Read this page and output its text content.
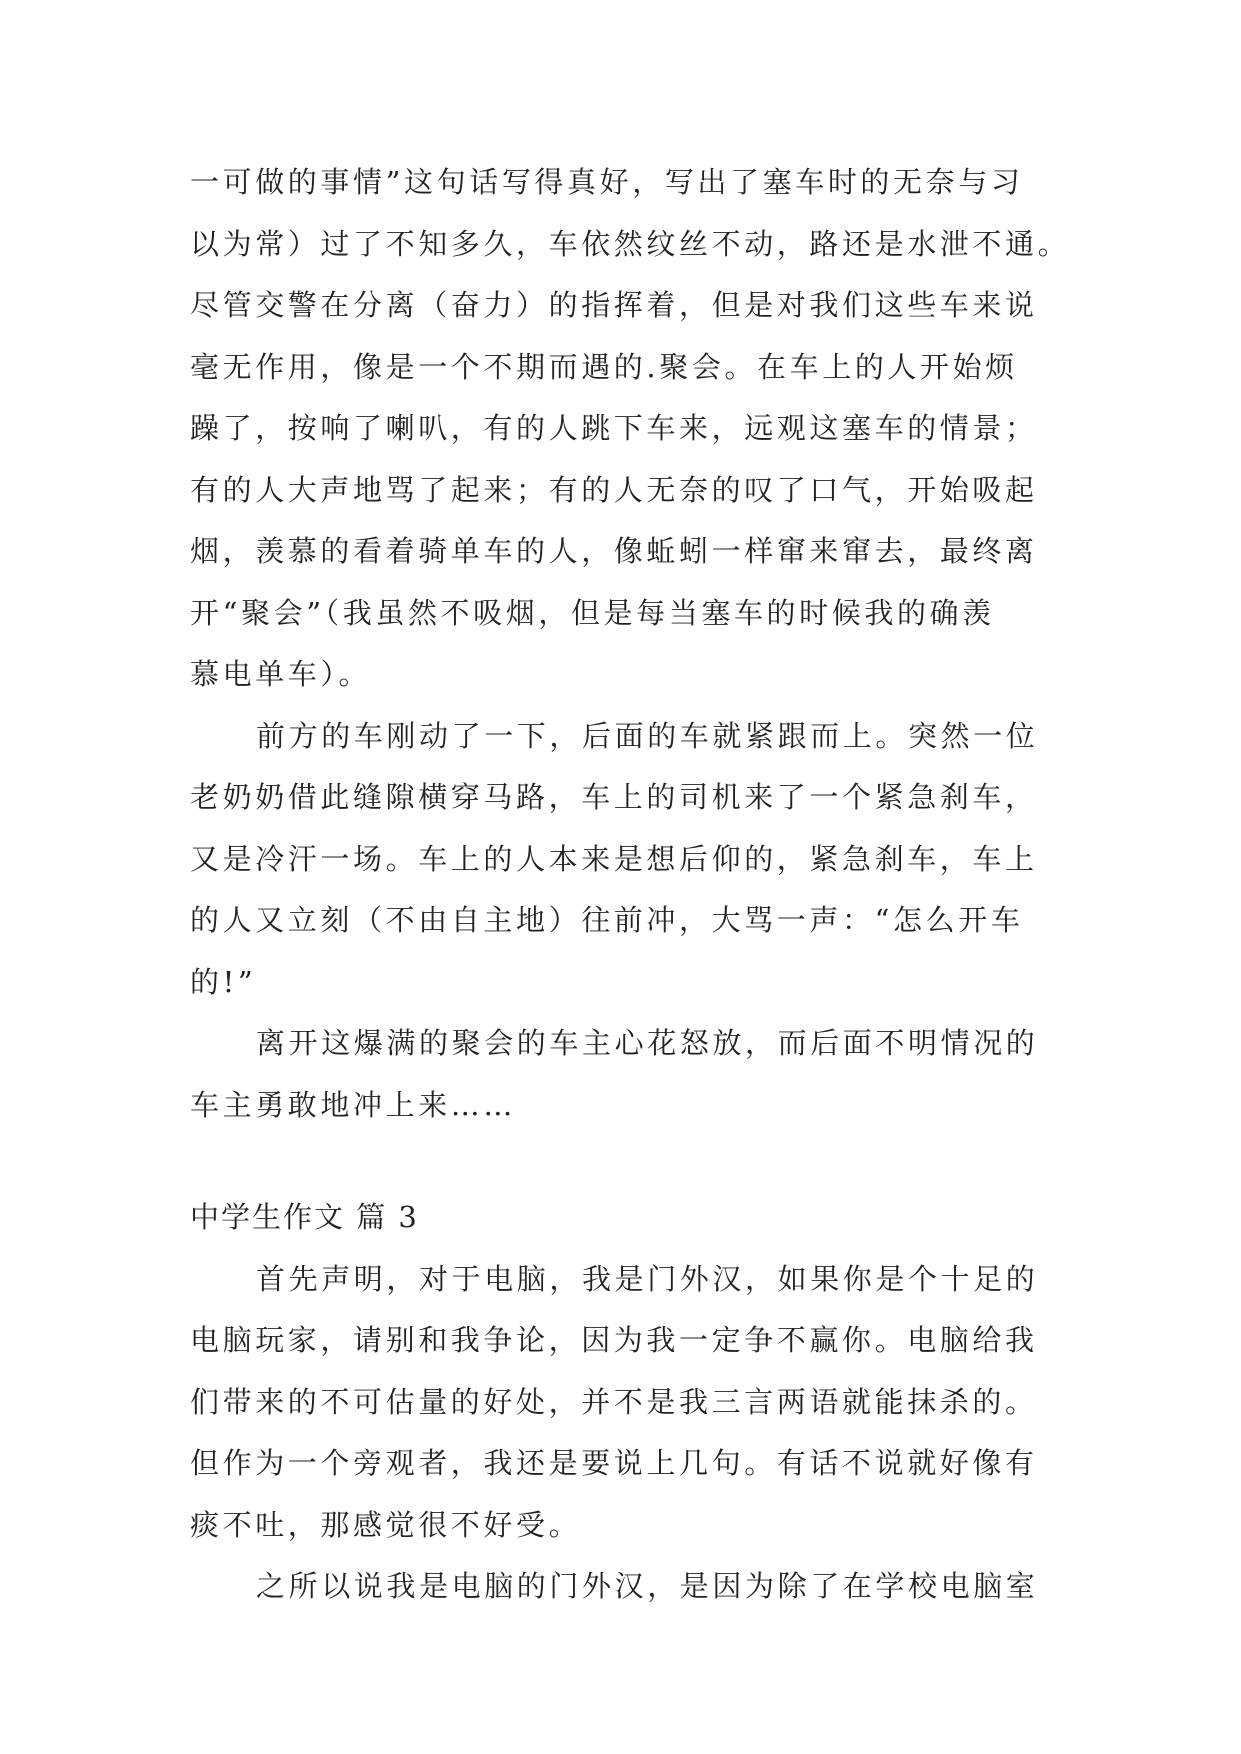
一可做的事情”这句话写得真好，写出了塞车时的无奈与习
以为常）过了不知多久，车依然纹丝不动，路还是水泄不通。
尽管交警在分离（奋力）的指挥着，但是对我们这些车来说
毫无作用，像是一个不期而遇的.聚会。在车上的人开始烦
躁了，按响了喇叭，有的人跳下车来，远观这塞车的情景；
有的人大声地骂了起来；有的人无奈的叹了口气，开始吸起
烟，羡慕的看着骑单车的人，像蚯蚓一样窜来窜去，最终离
开“聚会”（我虽然不吸烟，但是每当塞车的时候我的确羡
慕电单车）。
前方的车刚动了一下，后面的车就紧跟而上。突然一位
老奶奶借此缝隙横穿马路，车上的司机来了一个紧急刹车，
又是冷汗一场。车上的人本来是想后仰的，紧急刹车，车上
的人又立刻（不由自主地）往前冲，大骂一声：“怎么开车
的!”
离开这爆满的聚会的车主心花怒放，而后面不明情况的
车主勇敢地冲上来……
中学生作文 篇 3
首先声明，对于电脑，我是门外汉，如果你是个十足的
电脑玩家，请别和我争论，因为我一定争不赢你。电脑给我
们带来的不可估量的好处，并不是我三言两语就能抹杀的。
但作为一个旁观者，我还是要说上几句。有话不说就好像有
痰不吐，那感觉很不好受。
之所以说我是电脑的门外汉，是因为除了在学校电脑室
